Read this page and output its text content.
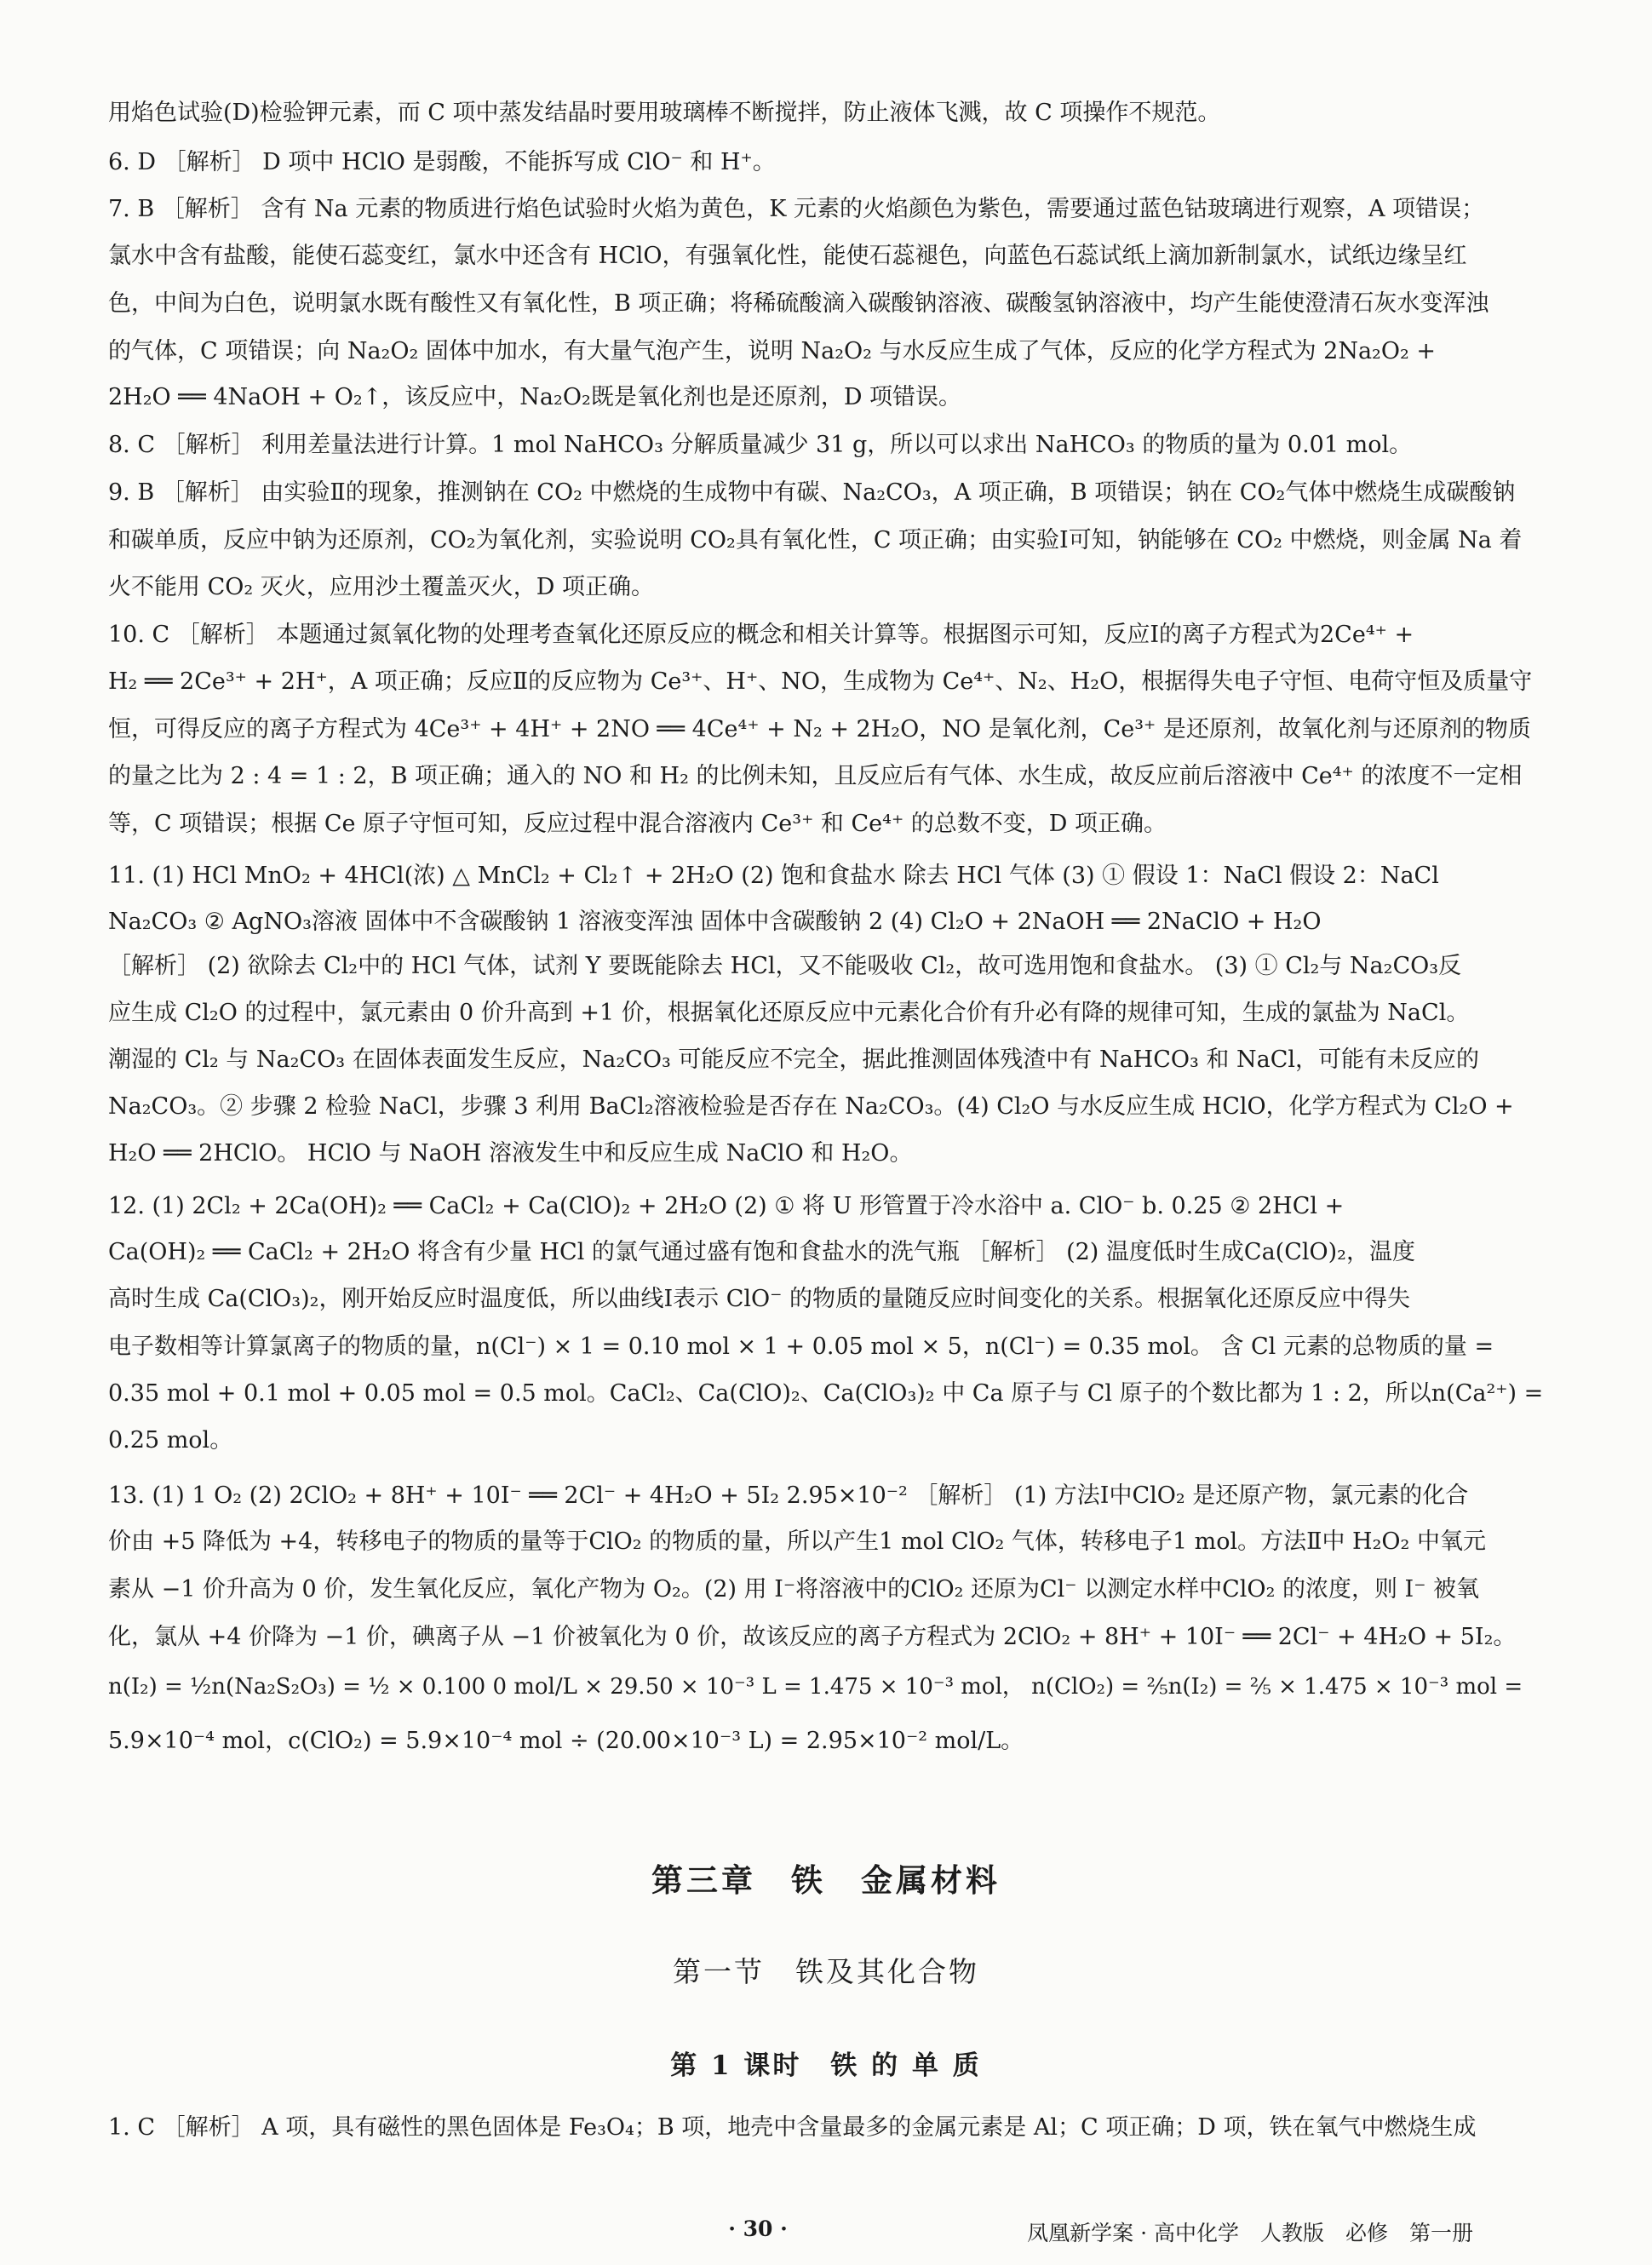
用焰色试验(D)检验钾元素，而 C 项中蒸发结晶时要用玻璃棒不断搅拌，防止液体飞溅，故 C 项操作不规范。
6. D ［解析］ D 项中 HClO 是弱酸，不能拆写成 ClO⁻ 和 H⁺。
7. B ［解析］ 含有 Na 元素的物质进行焰色试验时火焰为黄色，K 元素的火焰颜色为紫色，需要通过蓝色钴玻璃进行观察，A 项错误；
氯水中含有盐酸，能使石蕊变红，氯水中还含有 HClO，有强氧化性，能使石蕊褪色，向蓝色石蕊试纸上滴加新制氯水，试纸边缘呈红
色，中间为白色，说明氯水既有酸性又有氧化性，B 项正确；将稀硫酸滴入碳酸钠溶液、碳酸氢钠溶液中，均产生能使澄清石灰水变浑浊
的气体，C 项错误；向 Na₂O₂ 固体中加水，有大量气泡产生，说明 Na₂O₂ 与水反应生成了气体，反应的化学方程式为 2Na₂O₂ +
2H₂O ══ 4NaOH + O₂↑，该反应中，Na₂O₂既是氧化剂也是还原剂，D 项错误。
8. C ［解析］ 利用差量法进行计算。1 mol NaHCO₃ 分解质量减少 31 g，所以可以求出 NaHCO₃ 的物质的量为 0.01 mol。
9. B ［解析］ 由实验Ⅱ的现象，推测钠在 CO₂ 中燃烧的生成物中有碳、Na₂CO₃，A 项正确，B 项错误；钠在 CO₂气体中燃烧生成碳酸钠
和碳单质，反应中钠为还原剂，CO₂为氧化剂，实验说明 CO₂具有氧化性，C 项正确；由实验Ⅰ可知，钠能够在 CO₂ 中燃烧，则金属 Na 着
火不能用 CO₂ 灭火，应用沙土覆盖灭火，D 项正确。
10. C ［解析］ 本题通过氮氧化物的处理考查氧化还原反应的概念和相关计算等。根据图示可知，反应Ⅰ的离子方程式为2Ce⁴⁺ +
H₂ ══ 2Ce³⁺ + 2H⁺，A 项正确；反应Ⅱ的反应物为 Ce³⁺、H⁺、NO，生成物为 Ce⁴⁺、N₂、H₂O，根据得失电子守恒、电荷守恒及质量守
恒，可得反应的离子方程式为 4Ce³⁺ + 4H⁺ + 2NO ══ 4Ce⁴⁺ + N₂ + 2H₂O，NO 是氧化剂，Ce³⁺ 是还原剂，故氧化剂与还原剂的物质
的量之比为 2 : 4 = 1 : 2，B 项正确；通入的 NO 和 H₂ 的比例未知，且反应后有气体、水生成，故反应前后溶液中 Ce⁴⁺ 的浓度不一定相
等，C 项错误；根据 Ce 原子守恒可知，反应过程中混合溶液内 Ce³⁺ 和 Ce⁴⁺ 的总数不变，D 项正确。
11. (1) HCl MnO₂ + 4HCl(浓) △ MnCl₂ + Cl₂↑ + 2H₂O (2) 饱和食盐水 除去 HCl 气体 (3) ① 假设 1：NaCl 假设 2：NaCl
Na₂CO₃ ② AgNO₃溶液 固体中不含碳酸钠 1 溶液变浑浊 固体中含碳酸钠 2 (4) Cl₂O + 2NaOH ══ 2NaClO + H₂O
［解析］ (2) 欲除去 Cl₂中的 HCl 气体，试剂 Y 要既能除去 HCl，又不能吸收 Cl₂，故可选用饱和食盐水。 (3) ① Cl₂与 Na₂CO₃反
应生成 Cl₂O 的过程中，氯元素由 0 价升高到 +1 价，根据氧化还原反应中元素化合价有升必有降的规律可知，生成的氯盐为 NaCl。
潮湿的 Cl₂ 与 Na₂CO₃ 在固体表面发生反应，Na₂CO₃ 可能反应不完全，据此推测固体残渣中有 NaHCO₃ 和 NaCl，可能有未反应的
Na₂CO₃。② 步骤 2 检验 NaCl，步骤 3 利用 BaCl₂溶液检验是否存在 Na₂CO₃。(4) Cl₂O 与水反应生成 HClO，化学方程式为 Cl₂O +
H₂O ══ 2HClO。 HClO 与 NaOH 溶液发生中和反应生成 NaClO 和 H₂O。
12. (1) 2Cl₂ + 2Ca(OH)₂ ══ CaCl₂ + Ca(ClO)₂ + 2H₂O (2) ① 将 U 形管置于冷水浴中 a. ClO⁻ b. 0.25 ② 2HCl +
Ca(OH)₂ ══ CaCl₂ + 2H₂O 将含有少量 HCl 的氯气通过盛有饱和食盐水的洗气瓶 ［解析］ (2) 温度低时生成Ca(ClO)₂，温度
高时生成 Ca(ClO₃)₂，刚开始反应时温度低，所以曲线Ⅰ表示 ClO⁻ 的物质的量随反应时间变化的关系。根据氧化还原反应中得失
电子数相等计算氯离子的物质的量，n(Cl⁻) × 1 = 0.10 mol × 1 + 0.05 mol × 5，n(Cl⁻) = 0.35 mol。 含 Cl 元素的总物质的量 =
0.35 mol + 0.1 mol + 0.05 mol = 0.5 mol。CaCl₂、Ca(ClO)₂、Ca(ClO₃)₂ 中 Ca 原子与 Cl 原子的个数比都为 1 : 2，所以n(Ca²⁺) =
0.25 mol。
13. (1) 1 O₂ (2) 2ClO₂ + 8H⁺ + 10I⁻ ══ 2Cl⁻ + 4H₂O + 5I₂ 2.95×10⁻² ［解析］ (1) 方法Ⅰ中ClO₂ 是还原产物，氯元素的化合
价由 +5 降低为 +4，转移电子的物质的量等于ClO₂ 的物质的量，所以产生1 mol ClO₂ 气体，转移电子1 mol。方法Ⅱ中 H₂O₂ 中氧元
素从 −1 价升高为 0 价，发生氧化反应，氧化产物为 O₂。(2) 用 I⁻将溶液中的ClO₂ 还原为Cl⁻ 以测定水样中ClO₂ 的浓度，则 I⁻ 被氧
化，氯从 +4 价降为 −1 价，碘离子从 −1 价被氧化为 0 价，故该反应的离子方程式为 2ClO₂ + 8H⁺ + 10I⁻ ══ 2Cl⁻ + 4H₂O + 5I₂。
n(I₂) = ½n(Na₂S₂O₃) = ½ × 0.100 0 mol/L × 29.50 × 10⁻³ L = 1.475 × 10⁻³ mol， n(ClO₂) = ⅖n(I₂) = ⅖ × 1.475 × 10⁻³ mol =
5.9×10⁻⁴ mol，c(ClO₂) = 5.9×10⁻⁴ mol ÷ (20.00×10⁻³ L) = 2.95×10⁻² mol/L。
第三章　铁　金属材料
第一节　铁及其化合物
第 1 课时　铁 的 单 质
1. C ［解析］ A 项，具有磁性的黑色固体是 Fe₃O₄；B 项，地壳中含量最多的金属元素是 Al；C 项正确；D 项，铁在氧气中燃烧生成
· 30 ·	凤凰新学案 · 高中化学　人教版　必修　第一册
